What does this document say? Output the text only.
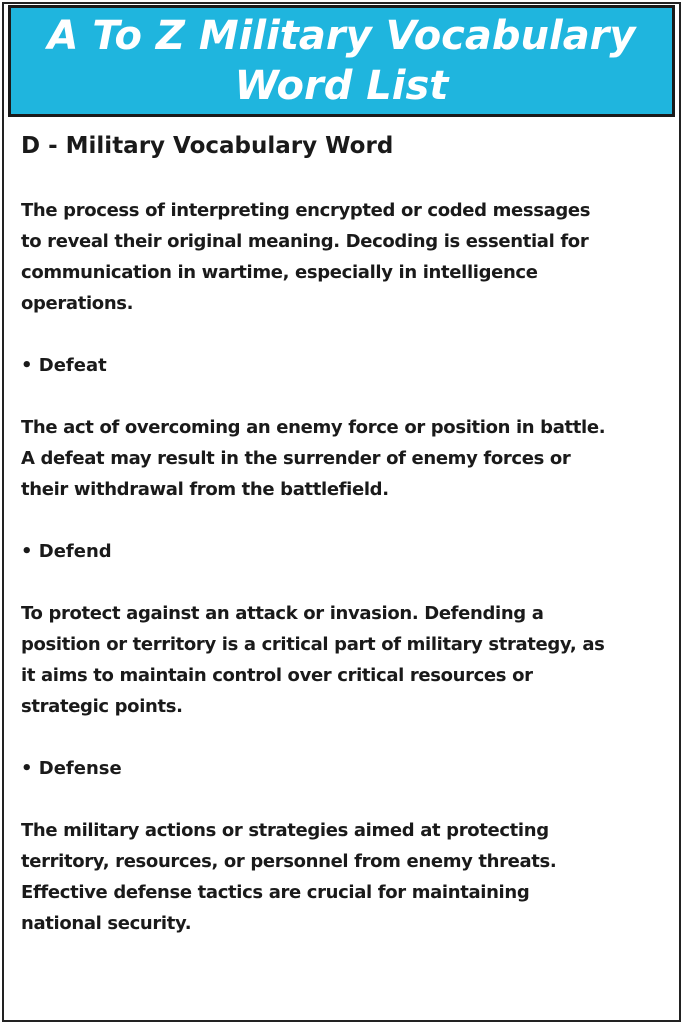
A To Z Military Vocabulary
Word List
D - Military Vocabulary Word
The process of interpreting encrypted or coded messages
to reveal their original meaning. Decoding is essential for
communication in wartime, especially in intelligence
operations.
• Defeat
The act of overcoming an enemy force or position in battle.
A defeat may result in the surrender of enemy forces or
their withdrawal from the battlefield.
• Defend
To protect against an attack or invasion. Defending a
position or territory is a critical part of military strategy, as
it aims to maintain control over critical resources or
strategic points.
• Defense
The military actions or strategies aimed at protecting
territory, resources, or personnel from enemy threats.
Effective defense tactics are crucial for maintaining
national security.
